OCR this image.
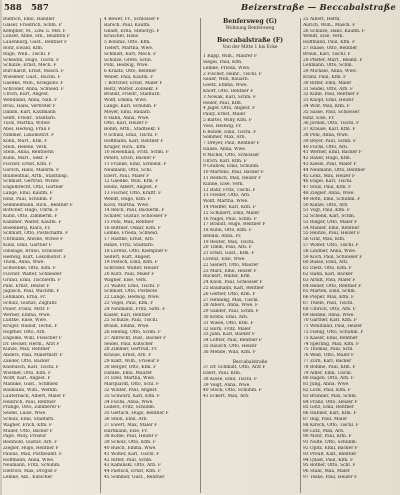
588 587	Beizerstraße — Beccabalstraße
Budrich, Emil, Händler
Gläser, Friedrich, Schm. P
Kempner, M., Ldw. u. Mst. F
Lonzer, Anne, Stn., Beamtin F
Lauenburg, Gust., Rentner F
Rohr, Ewald, Kfm.
Ruge, Wilh., Tischl. F
Scheidin, Hugo, Tischl. F
Schulze, Ernst, Mech. F
Burchardt, Ernst, Masch. F
Wiesener, Gust., Buchh. F
Gaedke, Wilh., Kriegsinv. F
Schröder, Anna, Schneid. F
Ulrich, Kurt, Angest.
Wendland, Anna, Näh. F
Brau, Hans, Vertreter F
Damm, Kurt, Kaufmann
Senft, Friedr., Stadtarb.
Tuck, Martha, Witwe
Abel, Hedwig, Frau F
Nimmer, Lokomotivf. F
Kohn, Mart., Kfm. F
Stein, Helene, Verk.
Stein, Anna, Rentnerin
Kuhn, Mart., Sekr. F
Fischer, Ernst, Kfm. F
Görsch, Hans, Malerm. F
Blumenthal, Arth., Stadtinsp.
Schmidt, Gertrud, Witwe
Engelbrecht, Otto, Gärtner
Lange, Emil, Kaufm. F
Hinz, Paul, Schuhm. F
Semmelmann, Rich., Rentner F
Böttcher, Hugo, Uhrm. F
Kühn, Otto, Zimmerm. F
Kämmer, Walter, Kaufm. F
Rosenberg, Klara, Fr.
Schmidt, Otto, Postschaffn. F
Uhrmann, Alwine, Witwe F
Kunz, Emil, Gärtner F
Dinslage, Bruno, Schlosser
Hedwig, Kurt, Lokomotivf. F
Thom, Anna, Wwe.
Schwebke, Otto, Kfm. F
Fischer, Walter, Schneider
Grund, Emil, Tischlerm. F
Pahl, Ernst, Heizer F
Jagusch, Paul, Wachtm. F
Lehmann, Erna, Fr.
Schulz, Gustav, Zugführ.
Polier, Franz, Mstr. F
Werner, Emma, Wwe.
Lüdtke, Elise, Wwe.
Krüger, Rudolf, Techn. F
Höpfner, Otto, Arb.
Engelke, Willi, Fleischer F
Dr. Becker, Herm., Arzt F
Kunze, Max, Rentner
Anders, Paul, Malermstr. F
Zander, Otto, Bäcker
Knebusch, Karl, Tischl. F
Wiesner, Otto, Kfm. F
Wolff, Karl, Angest. F
Mahnke, Gust., Schmied
Baumann, Wilh., Werkm.
Lauterbach, Albert, Maler F
Heinrich, Paul, Rentner
Prange, Otto, Zimmerer F
Seidel, Luise, Wwe.
Schulz, Emil, Stadtarb.
Wagner, Erich, Kfm. F
Müller, Otto, Bäcker F
Pape, Willy, Friseur
Reinhold, Gustav, Arb. F
Ziegler, Hugo, Rentner F
Paulus, Max, Postbeamt. F
Hoffmann, Anna, Wwe.
Neumann, Fritz, Schuhm.
Dietrich, Max, Drogist F
Lemke, Alb., Kutscher
4 Bewer, Fr., Schlosser F
Barsch, Paul, Kaufm.
Gnadt, Erna, Stenotyp. F
Kruschel, Hans
5 Bonifaz, Otto, Kfm.
Tiefert, Martha, Wwe.
Schmidt, Kurt, Mech. F
Schulze, Grete, Schn.
Pohl, Hedwig, Wwe.
6 Kraatz, Otto, Rentner
Weber, Paul, Kaufm. F
7 Böttcher, Ernst, Maler F
Reitz, Walter, Zollsekr. F
Brandt, Friedr., Stadtarb.
Wolff, Emma, Wwe.
Lange, Karl, Schuhm. F
Meyer, Emil, Bauarb.
8 Hahn, Anna, Wwe.
Otto, Karl, Heizer F
Böhm, Arth., Stadtsekr. F
9 Schulz, Emil, Tischl. F
Hoffmann, Karl, Rentner F
Krüger, Rich., Kfm.
10 Rosenhain, Fritz, Schm. F
Peters, Erich, Bäcker F
11 Franke, Emil, Schneid. F
Neumann, Otto, Schl.
Ebert, Paul, Maler F
12 Gaedke, Willi, Kfm. F
Heinz, Albert, Angest. F
13 Fischer, Otto, Kraftf. F
Wendt, Hugo, Kfm. F
Koch, Martha, Wwe.
14 Reich, Paul, Bäckerm. F
Schäfer, Gustav, Schlosser F
15 Pohl, Max, Rentner
16 Büttner, Oskar, Kfm. F
Lemke, Frieda, Schneid.
17 Radtke, Ernst, Arb.
Hinze, Fritz, Stadtarb.
18 Lorenz, Otto, Klempner F
Seifert, Kurt, Angest.
19 Pietsch, Emil, Kfm. F
Schröder, Walter, Heizer
20 Kurz, Paul, Maler F
Wagner, Else, Verk.
21 Walter, Emil, Tischl. F
Schmidt, Otto, Postbote
22 Lange, Hedwig, Wwe.
23 Vogel, Paul, Kfm. F
24 Neumann, Fritz, Sattl. F
Kaiser, Karl, Rentner
25 Schulze, Paul, Tischl.
Braun, Emma, Wwe.
26 Hennig, Otto, Schm. F
27 Albrecht, Rud., Bäcker F
Seidel, Paul, Kutscher
28 Zimmer, Gertrud, Fr.
Krause, Ernst, Arb. F
29 Klatt, Wilh., Friseur F
30 Berger, Otto, Kfm. F
Dahlke, Emil, Maurer
31 Ebel, Martha, Wwe.
Marquardt, Otto, Schl. F
32 Winter, Paul, Angest.
33 Schwarz, Karl, Kfm. F
34 Fuchs, Anna, Wwe.
Lüders, Fritz, Schuhm.
35 Gerlach, Hugo, Rentner F
36 Stein, Emil, Arb.
37 Ewert, Max, Maler F
Hartmann, Else, Fr.
38 Kolbe, Paul, Heizer F
39 Scholz, Otto, Kfm. F
40 Busch, Emma, Wwe.
41 Wolter, Karl, Tischl. F
42 Ritter, Paul, Schm.
43 Kaminski, Otto, Arb. F
44 Paetsch, Ernst, Kfm. F
45 Sommer, Gust., Rentner
Benfersweg (G)
Wohnung Benfersweg
Beccabalstraße (F)
Von der Mitte 1 bis Ecke
1 Rapp, Wilh., Maurer F
Siegel, Paul, Kfm.
Lemke, Frieda, Wwe.
2 Fischer, Heinr., Tischl. F
Sauer, Willi, Bauarb.
Goetz, Emma, Wwe.
Knorr, Otto, Rentner F
3 Nowak, Karl, Schm. F
Heller, Paul, Kfm.
4 Jäger, Otto, Angest. F
Pauly, Ernst, Maler
5 Bartel, Willy, Kfm. F
Voss, Hedwig, Fr.
6 Rohde, Emil, Tischl. F
Sommer, Max, Arb.
7 Dreyer, Paul, Rentner F
Haase, Anna, Wwe.
8 Michel, Otto, Schlosser
Ulrich, Karl, Kfm. F
9 Grabow, Emil, Schuhm.
10 Martens, Paul, Bäcker F
11 Redlich, Max, Heizer F
Kühne, Else, Verk.
12 Bahr, Fritz, Tischl. F
13 Fiedler, Otto, Arb.
Wolff, Martha, Wwe.
14 Pfeiffer, Karl, Kfm. F
15 Schubert, Emil, Maler
16 Nagel, Paul, Schm. F
17 Brandt, Hugo, Rentner F
18 Kuhn, Otto, Kfm. F
Bendix, Anna, Fr.
19 Reuter, Max, Tischl.
20 Timm, Paul, Arb. F
21 Ernst, Gust., Kfm. F
Lorenz, Else, Wwe.
22 Siebert, Otto, Maurer
23 Marx, Emil, Heizer F
Rückert, Walter, Kfm.
24 Knoll, Paul, Schlosser F
25 Baumann, Karl, Rentner
26 Gerber, Otto, Kfm. F
27 Henning, Max, Tischl.
28 Albers, Anna, Wwe. F
29 Sander, Paul, Schm. F
30 Krebs, Emil, Arb.
31 Wiese, Otto, Kfm. F
32 Horn, Fritz, Maler
33 Jahn, Karl, Bäcker F
34 Löffler, Paul, Rentner F
35 Rausch, Otto, Heizer
36 Mende, Willi, Kfm. F
Beccabalstraße
37 Dr. Schmidt, Otto, Arzt F
Ebert, Paul, Kfm.
38 Klose, Emil, Tischl. F
39 Voigt, Anna, Wwe.
40 Stock, Otto, Schuhm. F
41 Eckert, Max, Arb.
25 Albert, Herm.
Aurich, Wilh., Masch. F
26 Schulze, Hans, Kaufm. F
Wendt, Else, Verk.
Hoffmann, Paul, Kfm. F
27 Haase, Otto, Rentner
Braun, Karl, Tischl. F
28 Pfeffer, Mart., Beamt. F
Lehmann, Otto, Schm.
29 Michael, Anna, Wwe.
Kranz, Paul, Kfm. F
30 Ritter, Emil, Maler
31 Seidel, Otto, Arb. F
32 Kühn, Paul, Rentner F
33 Knopf, Emil, Heizer
34 Wolf, Max, Kfm. F
35 Sasse, Paul, Schlosser
Hinz, Else, Fr.
36 Jordan, Otto, Tischl. F
37 Krause, Karl, Kfm. F
38 Pohl, Anna, Wwe.
39 Beyer, Paul, Schm. F
40 Fuchs, Otto, Arb.
41 Werner, Emil, Bäcker F
42 Bauer, Hugo, Kfm.
43 Kiesel, Paul, Maler F
44 Neumann, Otto, Rentner
45 Lenz, Max, Heizer F
46 Engel, Karl, Tischl.
47 Stolz, Paul, Kfm. F
48 Ziegler, Anna, Wwe.
49 Roth, Emil, Schuhm. F
50 Kunze, Otto, Arb.
51 Vogt, Paul, Kfm. F
52 Schenk, Karl, Schm.
53 Rieger, Otto, Maler F
54 Mahler, Emil, Rentner
55 Heinze, Paul, Heizer F
56 Graf, Max, Kfm.
57 Wolter, Otto, Tischl. F
58 Lindner, Anna, Wwe.
59 Koch, Paul, Schlosser F
60 Busse, Emil, Arb.
61 Dietz, Otto, Kfm. F
62 Hahn, Karl, Bäcker
63 Arndt, Paul, Maler F
64 Heller, Otto, Rentner F
65 Marten, Emil, Schm.
66 Pieper, Max, Kfm. F
67 Thiele, Paul, Tischl.
68 Ulbrich, Otto, Arb. F
69 Reinke, Anna, Wwe.
70 Gärtner, Karl, Kfm. F
71 Wendland, Paul, Heizer
72 Fiebig, Otto, Schuhm. F
73 Kaiser, Emil, Rentner
74 Sperling, Max, Kfm. F
75 Thomas, Paul, Schl.
76 Weiß, Otto, Maler F
77 Zorn, Karl, Bäcker
78 Böhme, Paul, Kfm. F
79 Adler, Emil, Tischl.
80 Hagen, Otto, Arb. F
81 Jung, Anna, Wwe.
82 Lück, Paul, Kfm. F
83 Brunner, Max, Schm.
84 Franz, Otto, Heizer F
85 Götz, Emil, Rentner
86 Hübner, Karl, Kfm. F
87 Illig, Paul, Maler
88 Kirsch, Otto, Tischl. F
89 Lutz, Max, Arb.
90 Mohr, Paul, Kfm. F
91 Nolte, Otto, Schuhm.
92 Opitz, Emil, Bäcker F
93 Preuß, Karl, Rentner
94 Quast, Paul, Kfm. F
95 Rother, Otto, Schl. F
96 Stahl, Max, Maler
97 Teske, Paul, Heizer F
